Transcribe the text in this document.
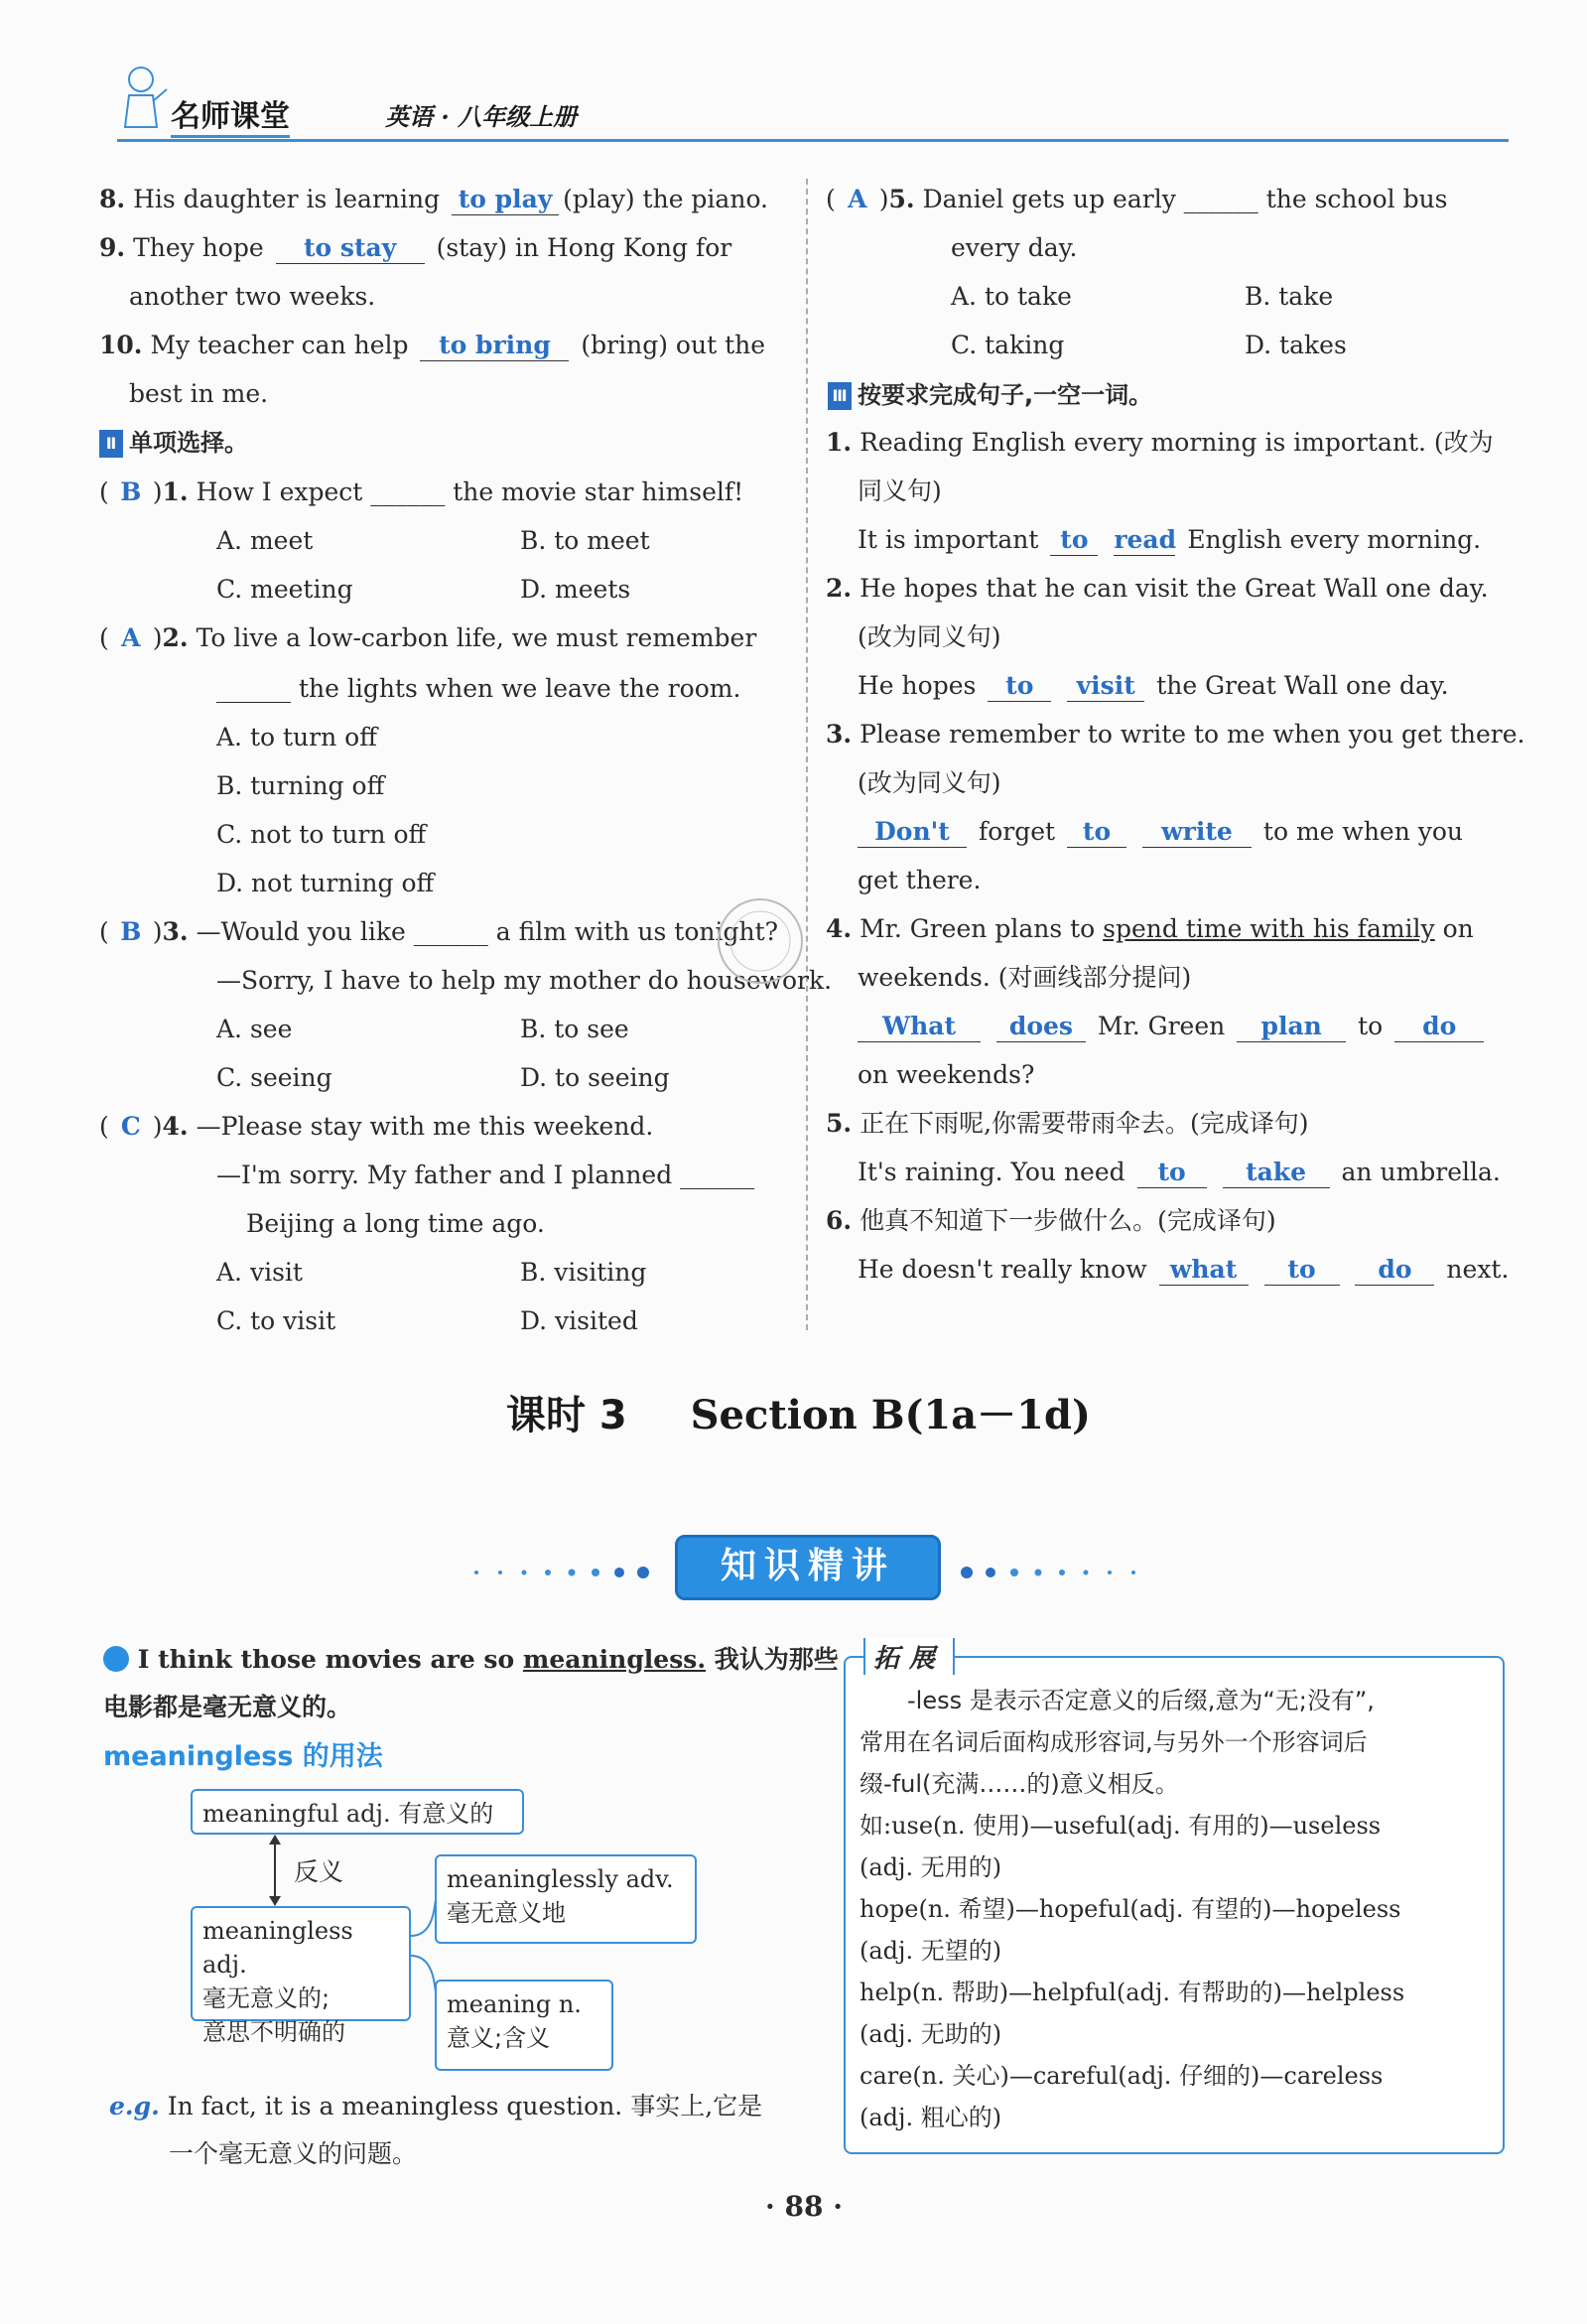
名师课堂	英语 · 八年级上册
8. His daughter is learning to play (play) the piano.
9. They hope to stay (stay) in Hong Kong for
another two weeks.
10. My teacher can help to bring (bring) out the
best in me.
Ⅱ 单项选择。
( B )1. How I expect ______ the movie star himself!
A. meet	B. to meet
C. meeting	D. meets
( A )2. To live a low-carbon life, we must remember
______ the lights when we leave the room.
A. to turn off
B. turning off
C. not to turn off
D. not turning off
( B )3. —Would you like ______ a film with us tonight?
—Sorry, I have to help my mother do housework.
A. see	B. to see
C. seeing	D. to seeing
( C )4. —Please stay with me this weekend.
—I'm sorry. My father and I planned ______
Beijing a long time ago.
A. visit	B. visiting
C. to visit	D. visited
( A )5. Daniel gets up early ______ the school bus
every day.
A. to take	B. take
C. taking	D. takes
Ⅲ 按要求完成句子,一空一词。
1. Reading English every morning is important. (改为
同义句)
It is important to read English every morning.
2. He hopes that he can visit the Great Wall one day.
(改为同义句)
He hopes to visit the Great Wall one day.
3. Please remember to write to me when you get there.
(改为同义句)
Don't forget to write to me when you
get there.
4. Mr. Green plans to spend time with his family on
weekends. (对画线部分提问)
What does Mr. Green plan to do
on weekends?
5. 正在下雨呢,你需要带雨伞去。(完成译句)
It's raining. You need to take an umbrella.
6. 他真不知道下一步做什么。(完成译句)
He doesn't really know what to	do next.
课时 3 Section B(1a－1d)
知识精讲
I think those movies are so meaningless. 我认为那些
电影都是毫无意义的。
meaningless 的用法
meaningful adj. 有意义的
反义
meaningless adj.
毫无意义的;
意思不明确的
meaninglessly adv.
毫无意义地
meaning n.
意义;含义
e.g. In fact, it is a meaningless question. 事实上,它是
一个毫无意义的问题。
拓展
-less 是表示否定意义的后缀,意为“无;没有”,
常用在名词后面构成形容词,与另外一个形容词后
缀-ful(充满……的)意义相反。
如:use(n. 使用)—useful(adj. 有用的)—useless
(adj. 无用的)
hope(n. 希望)—hopeful(adj. 有望的)—hopeless
(adj. 无望的)
help(n. 帮助)—helpful(adj. 有帮助的)—helpless
(adj. 无助的)
care(n. 关心)—careful(adj. 仔细的)—careless
(adj. 粗心的)
· 88 ·
